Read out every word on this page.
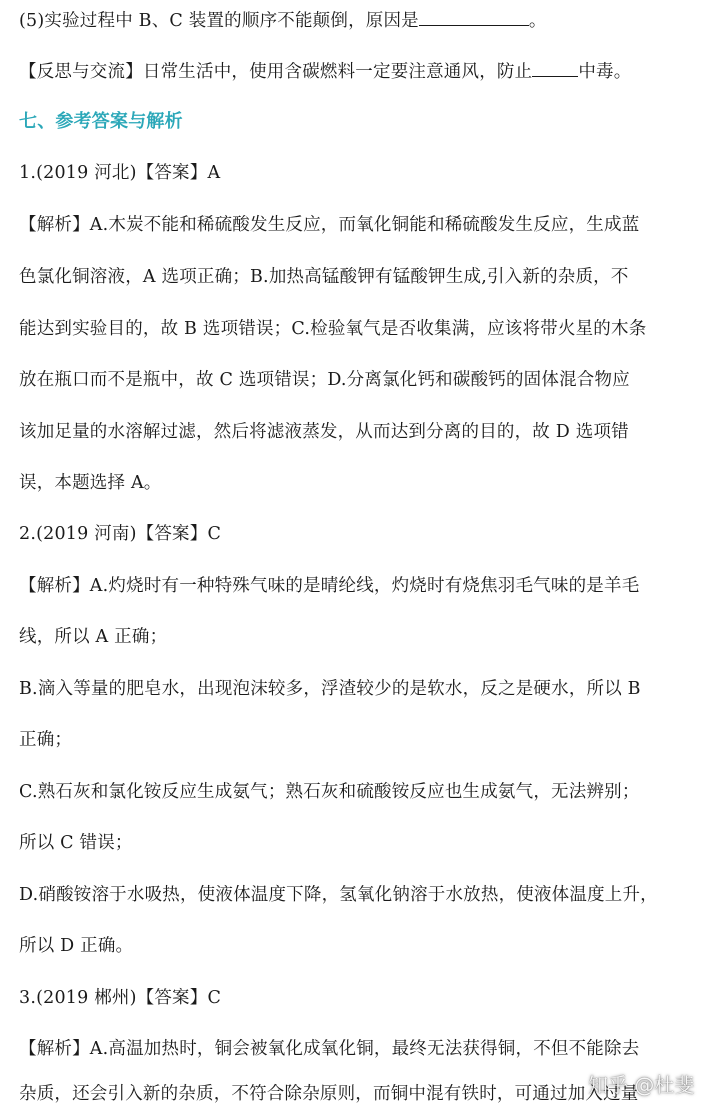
(5)实验过程中 B、C 装置的顺序不能颠倒，原因是	。
【反思与交流】日常生活中，使用含碳燃料一定要注意通风，防止	中毒。
七、参考答案与解析
1.(2019 河北)【答案】A
【解析】A.木炭不能和稀硫酸发生反应，而氧化铜能和稀硫酸发生反应，生成蓝
色氯化铜溶液，A 选项正确；B.加热高锰酸钾有锰酸钾生成,引入新的杂质，不
能达到实验目的，故 B 选项错误；C.检验氧气是否收集满，应该将带火星的木条
放在瓶口而不是瓶中，故 C 选项错误；D.分离氯化钙和碳酸钙的固体混合物应
该加足量的水溶解过滤，然后将滤液蒸发，从而达到分离的目的，故 D 选项错
误，本题选择 A。
2.(2019 河南)【答案】C
【解析】A.灼烧时有一种特殊气味的是晴纶线，灼烧时有烧焦羽毛气味的是羊毛
线，所以 A 正确；
B.滴入等量的肥皂水，出现泡沫较多，浮渣较少的是软水，反之是硬水，所以 B
正确；
C.熟石灰和氯化铵反应生成氨气；熟石灰和硫酸铵反应也生成氨气，无法辨别；
所以 C 错误；
D.硝酸铵溶于水吸热，使液体温度下降，氢氧化钠溶于水放热，使液体温度上升，
所以 D 正确。
3.(2019 郴州)【答案】C
【解析】A.高温加热时，铜会被氧化成氧化铜，最终无法获得铜，不但不能除去
杂质，还会引入新的杂质，不符合除杂原则，而铜中混有铁时，可通过加入过量
知乎 @杜斐
